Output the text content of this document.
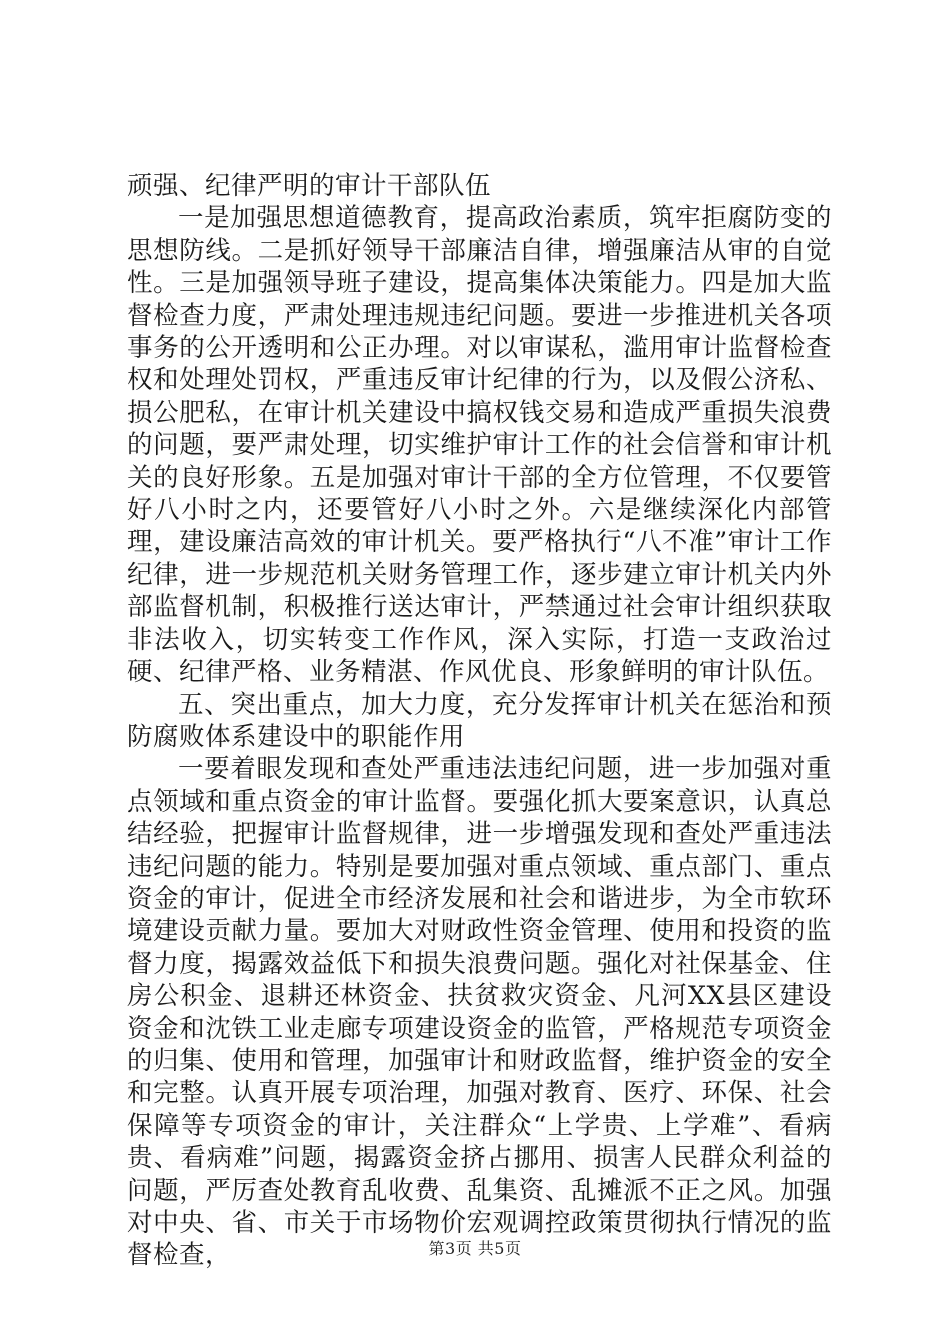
顽强、纪律严明的审计干部队伍

一是加强思想道德教育，提高政治素质，筑牢拒腐防变的思想防线。二是抓好领导干部廉洁自律，增强廉洁从审的自觉性。三是加强领导班子建设，提高集体决策能力。四是加大监督检查力度，严肃处理违规违纪问题。要进一步推进机关各项事务的公开透明和公正办理。对以审谋私，滥用审计监督检查权和处理处罚权，严重违反审计纪律的行为，以及假公济私、损公肥私，在审计机关建设中搞权钱交易和造成严重损失浪费的问题，要严肃处理，切实维护审计工作的社会信誉和审计机关的良好形象。五是加强对审计干部的全方位管理，不仅要管好八小时之内，还要管好八小时之外。六是继续深化内部管理，建设廉洁高效的审计机关。要严格执行“八不准”审计工作纪律，进一步规范机关财务管理工作，逐步建立审计机关内外部监督机制，积极推行送达审计，严禁通过社会审计组织获取非法收入，切实转变工作作风，深入实际，打造一支政治过硬、纪律严格、业务精湛、作风优良、形象鲜明的审计队伍。

五、突出重点，加大力度，充分发挥审计机关在惩治和预防腐败体系建设中的职能作用

一要着眼发现和查处严重违法违纪问题，进一步加强对重点领域和重点资金的审计监督。要强化抓大要案意识，认真总结经验，把握审计监督规律，进一步增强发现和查处严重违法违纪问题的能力。特别是要加强对重点领域、重点部门、重点资金的审计，促进全市经济发展和社会和谐进步，为全市软环境建设贡献力量。要加大对财政性资金管理、使用和投资的监督力度，揭露效益低下和损失浪费问题。强化对社保基金、住房公积金、退耕还林资金、扶贫救灾资金、凡河XX县区建设资金和沈铁工业走廊专项建设资金的监管，严格规范专项资金的归集、使用和管理，加强审计和财政监督，维护资金的安全和完整。认真开展专项治理，加强对教育、医疗、环保、社会保障等专项资金的审计，关注群众“上学贵、上学难”、看病贵、看病难”问题，揭露资金挤占挪用、损害人民群众利益的问题，严厉查处教育乱收费、乱集资、乱摊派不正之风。加强对中央、省、市关于市场物价宏观调控政策贯彻执行情况的监督检查，	第3页 共5页
